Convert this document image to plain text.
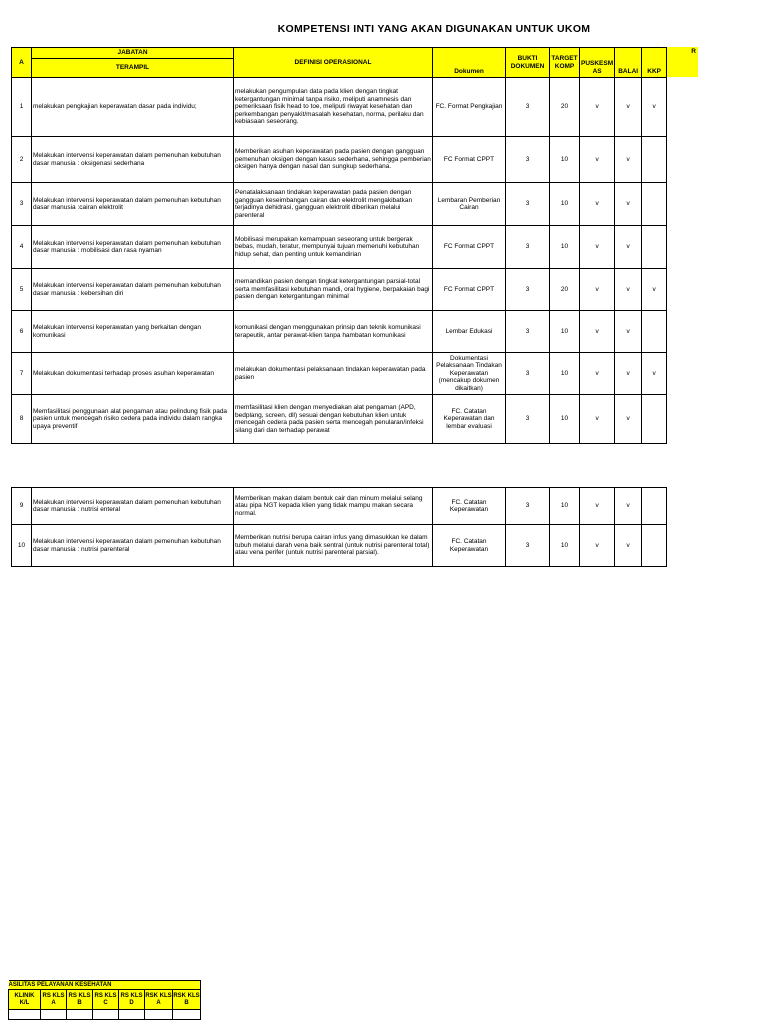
KOMPETENSI INTI YANG AKAN DIGUNAKAN UNTUK UKOM
R
A	JABATAN	DEFINISI OPERASIONAL	Dokumen	BUKTI DOKUMEN	TARGET KOMP	PUSKESM AS	BALAI	KKP
	TERAMPIL							
1	melakukan pengkajian keperawatan dasar pada individu;	melakukan pengumpulan data pada klien dengan tingkat ketergantungan minimal tanpa risiko, meliputi anamnesis dan pemeriksaan fisik head to toe, meliputi riwayat kesehatan dan perkembangan penyakit/masalah kesehatan, norma, perilaku dan kebiasaan seseorang.	FC. Format Pengkajian	3	20	v	v	v
2	Melakukan intervensi keperawatan dalam pemenuhan kebutuhan dasar manusia : oksigenasi sederhana	Memberikan asuhan keperawatan pada pasien dengan gangguan pemenuhan oksigen dengan kasus sederhana, sehingga pemberian oksigen hanya dengan nasal dan sungkup sederhana.	FC Format CPPT	3	10	v	v	
3	Melakukan intervensi keperawatan dalam pemenuhan kebutuhan dasar manusia :cairan elektrolit	Penatalaksanaan tindakan keperawatan pada pasien dengan gangguan keseimbangan cairan dan elektrolit mengakibatkan terjadinya dehidrasi, gangguan elektrolit diberikan melalui parenteral	Lembaran Pemberian Cairan	3	10	v	v	
4	Melakukan intervensi keperawatan dalam pemenuhan kebutuhan dasar manusia : mobilisasi dan rasa nyaman	Mobilisasi merupakan kemampuan seseorang untuk bergerak bebas, mudah, teratur, mempunyai tujuan memenuhi kebutuhan hidup sehat, dan penting untuk kemandirian	FC Format CPPT	3	10	v	v	
5	Melakukan intervensi keperawatan dalam pemenuhan kebutuhan dasar manusia : kebersihan diri	memandikan pasien dengan tingkat ketergantungan parsial-total serta memfasilitasi kebutuhan mandi, oral hygiene, berpakaian bagi pasien dengan ketergantungan minimal	FC Format CPPT	3	20	v	v	v
6	Melakukan intervensi keperawatan yang berkaitan dengan komunikasi	komunikasi dengan menggunakan prinsip dan teknik komunikasi terapeutik, antar perawat-klien tanpa hambatan komunikasi	Lembar Edukasi	3	10	v	v	
7	Melakukan dokumentasi terhadap proses asuhan keperawatan	melakukan dokumentasi pelaksanaan tindakan keperawatan pada pasien	Dokumentasi Pelaksanaan Tindakan Keperawatan (mencakup dokumen dikaitkan)	3	10	v	v	v
8	Memfasilitasi penggunaan alat pengaman atau pelindung fisik pada pasien untuk mencegah risiko cedera pada individu dalam rangka upaya preventif	memfasilitasi klien dengan menyediakan alat pengaman (APD, bedplang, screen, dll) sesuai dengan kebutuhan klien untuk mencegah cedera pada pasien serta mencegah penularan/infeksi silang dari dan terhadap perawat	FC. Catatan Keperawatan dan lembar evaluasi	3	10	v	v	

9	Melakukan intervensi keperawatan dalam pemenuhan kebutuhan dasar manusia : nutrisi enteral	Memberikan makan dalam bentuk cair dan minum melalui selang atau pipa NGT kepada klien yang tidak mampu makan secara normal.	FC. Catatan Keperawatan	3	10	v	v	
10	Melakukan intervensi keperawatan dalam pemenuhan kebutuhan dasar manusia : nutrisi parenteral	Memberikan nutrisi berupa cairan infus yang dimasukkan ke dalam tubuh melalui darah vena baik sentral (untuk nutrisi parenteral total) atau vena perifer (untuk nutrisi parenteral parsial).	FC. Catatan Keperawatan	3	10	v	v	
ASILITAS PELAYANAN KESEHATAN						
KLINIK K/L	RS KLS A	RS KLS B	RS KLS C	RS KLS D	RSK KLS A	RSK KLS B
